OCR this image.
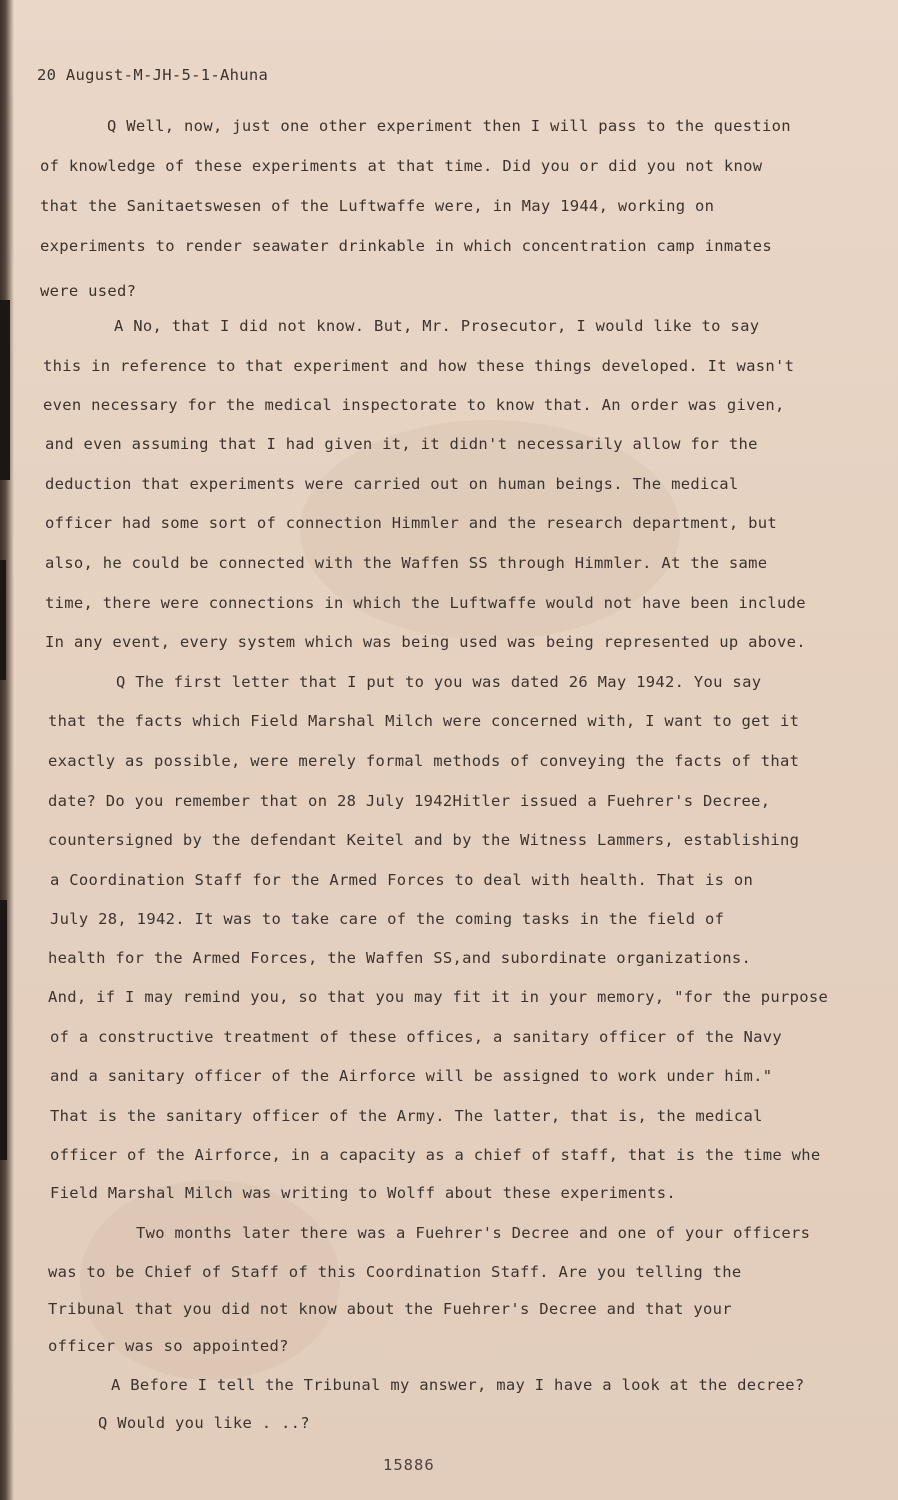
20 August-M-JH-5-1-Ahuna
Q Well, now, just one other experiment then I will pass to the question
of knowledge of these experiments at that time. Did you or did you not know
that the Sanitaetswesen of the Luftwaffe were, in May 1944, working on
experiments to render seawater drinkable in which concentration camp inmates
were used?
A No, that I did not know. But, Mr. Prosecutor, I would like to say
this in reference to that experiment and how these things developed. It wasn't
even necessary for the medical inspectorate to know that. An order was given,
and even assuming that I had given it, it didn't necessarily allow for the
deduction that experiments were carried out on human beings. The medical
officer had some sort of connection Himmler and the research department, but
also, he could be connected with the Waffen SS through Himmler. At the same
time, there were connections in which the Luftwaffe would not have been include
In any event, every system which was being used was being represented up above.
Q The first letter that I put to you was dated 26 May 1942. You say
that the facts which Field Marshal Milch were concerned with, I want to get it
exactly as possible, were merely formal methods of conveying the facts of that
date? Do you remember that on 28 July 1942Hitler issued a Fuehrer's Decree,
countersigned by the defendant Keitel and by the Witness Lammers, establishing
a Coordination Staff for the Armed Forces to deal with health. That is on
July 28, 1942. It was to take care of the coming tasks in the field of
health for the Armed Forces, the Waffen SS,and subordinate organizations.
And, if I may remind you, so that you may fit it in your memory, "for the purpose
of a constructive treatment of these offices, a sanitary officer of the Navy
and a sanitary officer of the Airforce will be assigned to work under him."
That is the sanitary officer of the Army. The latter, that is, the medical
officer of the Airforce, in a capacity as a chief of staff, that is the time whe
Field Marshal Milch was writing to Wolff about these experiments.
Two months later there was a Fuehrer's Decree and one of your officers
was to be Chief of Staff of this Coordination Staff. Are you telling the
Tribunal that you did not know about the Fuehrer's Decree and that your
officer was so appointed?
A Before I tell the Tribunal my answer, may I have a look at the decree?
Q Would you like . ..?
15886
